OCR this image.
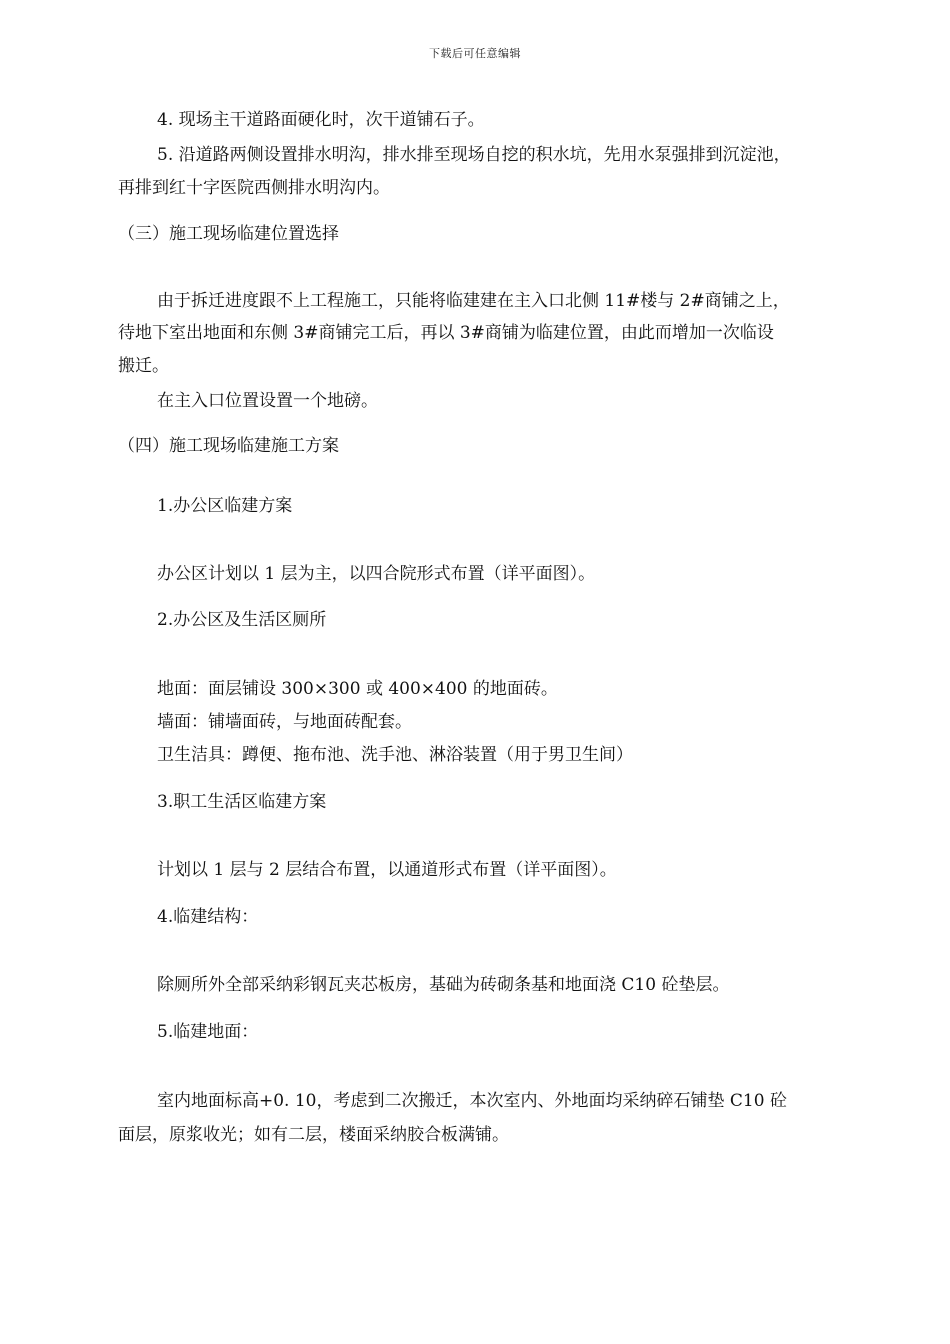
下载后可任意编辑
4. 现场主干道路面硬化时，次干道铺石子。
5. 沿道路两侧设置排水明沟，排水排至现场自挖的积水坑，先用水泵强排到沉淀池，
再排到红十字医院西侧排水明沟内。
（三）施工现场临建位置选择
由于拆迁进度跟不上工程施工，只能将临建建在主入口北侧 11#楼与 2#商铺之上，
待地下室出地面和东侧 3#商铺完工后，再以 3#商铺为临建位置，由此而增加一次临设
搬迁。
在主入口位置设置一个地磅。
（四）施工现场临建施工方案
1.办公区临建方案
办公区计划以 1 层为主，以四合院形式布置（详平面图）。
2.办公区及生活区厕所
地面：面层铺设 300×300 或 400×400 的地面砖。
墙面：铺墙面砖，与地面砖配套。
卫生洁具：蹲便、拖布池、洗手池、淋浴装置（用于男卫生间）
3.职工生活区临建方案
计划以 1 层与 2 层结合布置，以通道形式布置（详平面图）。
4.临建结构：
除厕所外全部采纳彩钢瓦夹芯板房，基础为砖砌条基和地面浇 C10 砼垫层。
5.临建地面：
室内地面标高+0. 10，考虑到二次搬迁，本次室内、外地面均采纳碎石铺垫 C10 砼
面层，原浆收光；如有二层，楼面采纳胶合板满铺。
